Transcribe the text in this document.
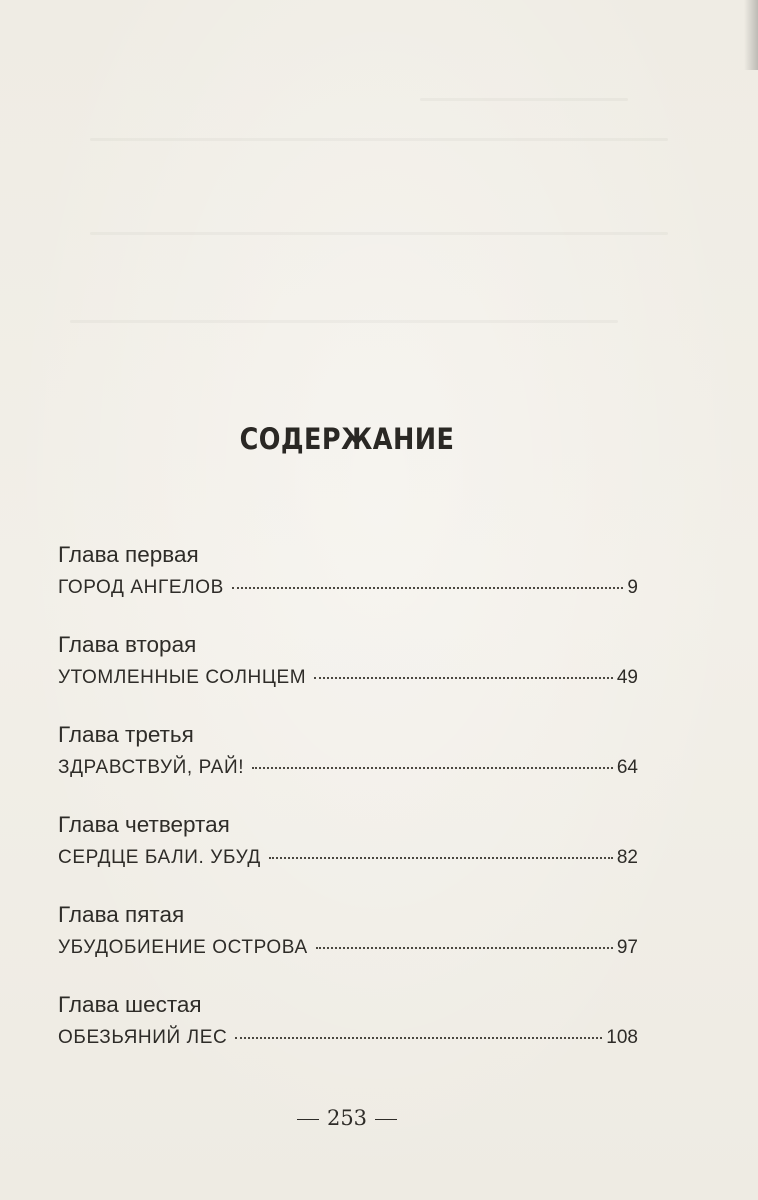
СОДЕРЖАНИЕ
Глава первая
ГОРОД АНГЕЛОВ	9
Глава вторая
УТОМЛЕННЫЕ СОЛНЦЕМ	49
Глава третья
ЗДРАВСТВУЙ, РАЙ!	64
Глава четвертая
СЕРДЦЕ БАЛИ. УБУД	82
Глава пятая
УБУДОБИЕНИЕ ОСТРОВА	97
Глава шестая
ОБЕЗЬЯНИЙ ЛЕС	108
253
